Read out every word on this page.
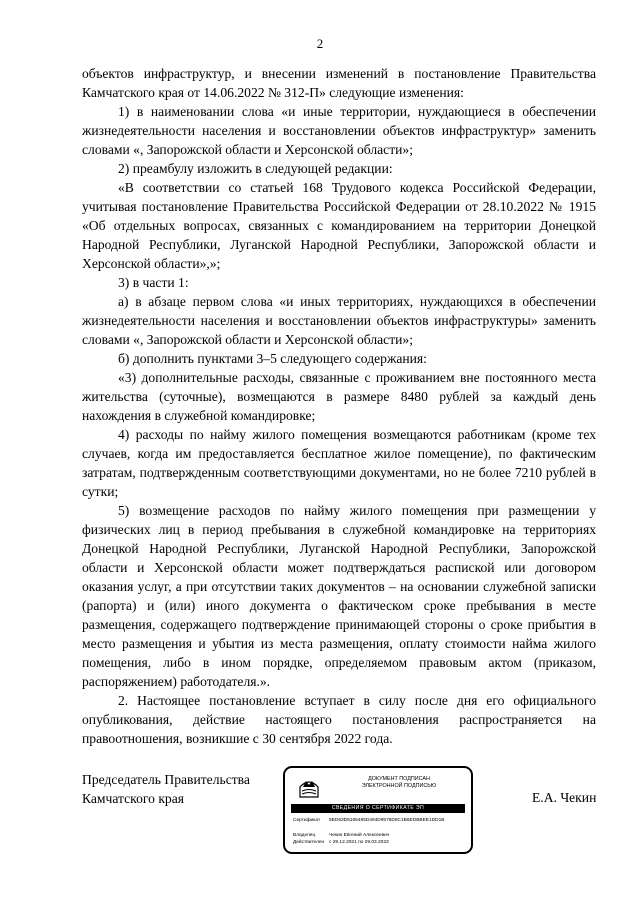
2

объектов инфраструктур, и внесении изменений в постановление Правительства Камчатского края от 14.06.2022 № 312-П» следующие изменения:

1) в наименовании слова «и иные территории, нуждающиеся в обеспечении жизнедеятельности населения и восстановлении объектов инфраструктур» заменить словами «, Запорожской области и Херсонской области»;

2) преамбулу изложить в следующей редакции:

«В соответствии со статьей 168 Трудового кодекса Российской Федерации, учитывая постановление Правительства Российской Федерации от 28.10.2022 № 1915 «Об отдельных вопросах, связанных с командированием на территории Донецкой Народной Республики, Луганской Народной Республики, Запорожской области и Херсонской области»,»;

3) в части 1:

а) в абзаце первом слова «и иных территориях, нуждающихся в обеспечении жизнедеятельности населения и восстановлении объектов инфраструктуры» заменить словами «, Запорожской области и Херсонской области»;

б) дополнить пунктами 3–5 следующего содержания:

«3) дополнительные расходы, связанные с проживанием вне постоянного места жительства (суточные), возмещаются в размере 8480 рублей за каждый день нахождения в служебной командировке;

4) расходы по найму жилого помещения возмещаются работникам (кроме тех случаев, когда им предоставляется бесплатное жилое помещение), по фактическим затратам, подтвержденным соответствующими документами, но не более 7210 рублей в сутки;

5) возмещение расходов по найму жилого помещения при размещении у физических лиц в период пребывания в служебной командировке на территориях Донецкой Народной Республики, Луганской Народной Республики, Запорожской области и Херсонской области может подтверждаться распиской или договором оказания услуг, а при отсутствии таких документов – на основании служебной записки (рапорта) и (или) иного документа о фактическом сроке пребывания в месте размещения, содержащего подтверждение принимающей стороны о сроке прибытия в место размещения и убытия из места размещения, оплату стоимости найма жилого помещения, либо в ином порядке, определяемом правовым актом (приказом, распоряжением) работодателя.».

2. Настоящее постановление вступает в силу после дня его официального опубликования, действие настоящего постановления распространяется на правоотношения, возникшие с 30 сентября 2022 года.

Председатель Правительства
Камчатского края
ДОКУМЕНТ ПОДПИСАН
ЭЛЕКТРОННОЙ ПОДПИСЬЮ
СВЕДЕНИЯ О СЕРТИФИКАТЕ ЭП
Сертификат 5ED63D5165485D484D9576D8C1B6EDBBEE1DD1B
Владелец	Чекин Евгений Алексеевич
Действителен с 29.12.2021 по 29.03.2023
Е.А. Чекин
